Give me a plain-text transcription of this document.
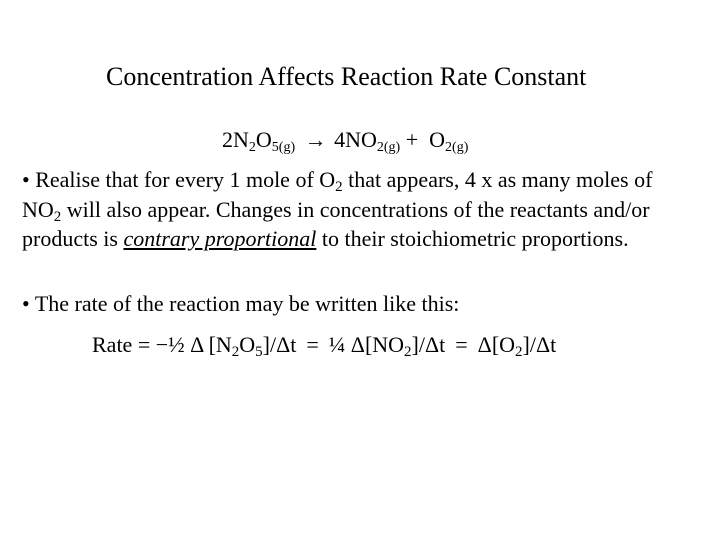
Concentration Affects Reaction Rate Constant
$2N_2O_{5(g)} \to 4NO_{2(g)} + O_{2(g)}$
• Realise that for every 1 mole of $O_2$ that appears, 4 x as many moles of $NO_2$ will also appear. Changes in concentrations of the reactants and/or products is contrary proportional to their stoichiometric proportions.
• The rate of the reaction may be written like this:
Rate = −½ Δ $[N_2O_5]/\Delta t$ = ¼ $\Delta[NO_2]/\Delta t = \Delta[O_2]/\Delta t$
